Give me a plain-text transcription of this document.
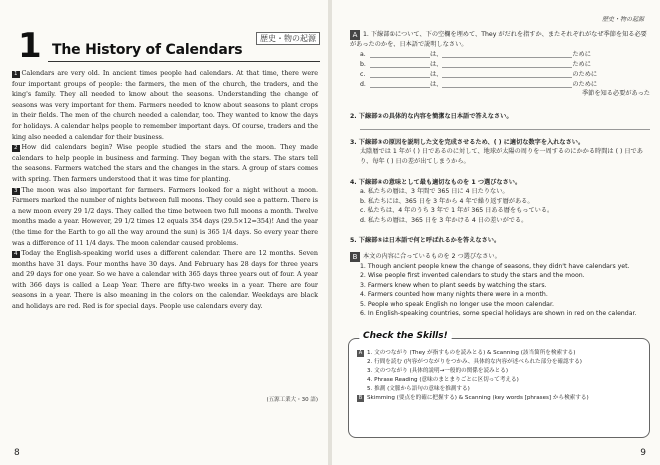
1 The History of Calendars
歴史・物の起源

1 Calendars are very old. In ancient times people had calendars. At that time, there were four important groups of people: the farmers, the men of the church, the traders, and the king's family. They all needed to know about the seasons. Understanding the change of seasons was very important for them. Farmers needed to know about seasons to plant crops in their fields. The men of the church needed a calendar, too. They wanted to know the days for holidays. A calendar helps people to remember important days. Of course, traders and the king also needed a calendar for their business.

2 How did calendars begin? Wise people studied the stars and the moon. They made calendars to help people in business and farming. They began with the stars. The stars tell the seasons. Farmers watched the stars and the changes in the stars. A group of stars comes with spring. Then farmers understood that it was time for planting.

3 The moon was also important for farmers. Farmers looked for a night without a moon. Farmers marked the number of nights between full moons. They could see a pattern. There is a new moon every 29 1/2 days. They called the time between two full moons a month. Twelve months made a year. However, 29 1/2 times 12 equals 354 days (29.5×12=354)! And the year (the time for the Earth to go all the way around the sun) is 365 1/4 days. So every year there was a difference of 11 1/4 days. The moon calendar caused problems.

4 Today the English-speaking world uses a different calendar. There are 12 months. Seven months have 31 days. Four months have 30 days. And February has 28 days for three years and 29 days for one year. So we have a calendar with 365 days three years out of four. A year with 366 days is called a Leap Year. There are fifty-two weeks in a year. There are four seasons in a year. There is also meaning in the colors on the calendar. Weekdays are black and holidays are red. Red is for special days. People use calendars every day.

(五源工業大・30 語)
8
歴史・物の起源
A 1. 下線部①について、下の空欄を埋めて、They がだれを指すか、またそれぞれがなぜ季節を知る必要があったのかを、日本語で説明しなさい。
a.	は、	ために
b.	は、	ために
c.	は、	のために
d.	は、	のために
季節を知る必要があった
2. 下線部②の具体的な内容を簡潔な日本語で答えなさい。
3. 下線部③の原因を説明した文を完成させるため、( ) に適切な数字を入れなさい。
太陰暦では 1 年が ( ) 日であるのに対して、地球が太陽の周りを一周するのにかかる時間は ( ) 日であり、毎年 ( ) 日の差が出てしまうから。
4. 下線部④の意味として最も適切なものを 1 つ選びなさい。
a. 私たちの暦は、3 年間で 365 日に 4 日たりない。
b. 私たちには、365 日を 3 年から 4 年で繰り返す暦がある。
c. 私たちは、4 年のうち 3 年で 1 年が 365 日ある暦をもっている。
d. 私たちの暦は、365 日を 3 年かける 4 日の差いがでる。
5. 下線部⑤は日本語で何と呼ばれるかを答えなさい。
B 本文の内容に合っているものを 2 つ選びなさい。
1. Though ancient people knew the change of seasons, they didn't have calendars yet.
2. Wise people first invented calendars to study the stars and the moon.
3. Farmers knew when to plant seeds by watching the stars.
4. Farmers counted how many nights there were in a month.
5. People who speak English no longer use the moon calendar.
6. In English-speaking countries, some special holidays are shown in red on the calendar.
Check the Skills!
A 1. 文のつながり (They が指すものを読みとる) & Scanning (該当箇所を検索する)
2. 行間を読む (内容がつながりをつかみ、具体的な内容が述べられた部分を確認する)
3. 文のつながり (具体的説明→一般的の関係を読みとる)
4. Phrase Reading (意味のまとまりごとに区切って考える)
5. 推測 (文脈から語句の意味を推測する)
B Skimming (要点を的確に把握する) & Scanning (key words [phrases] から検索する)
9
